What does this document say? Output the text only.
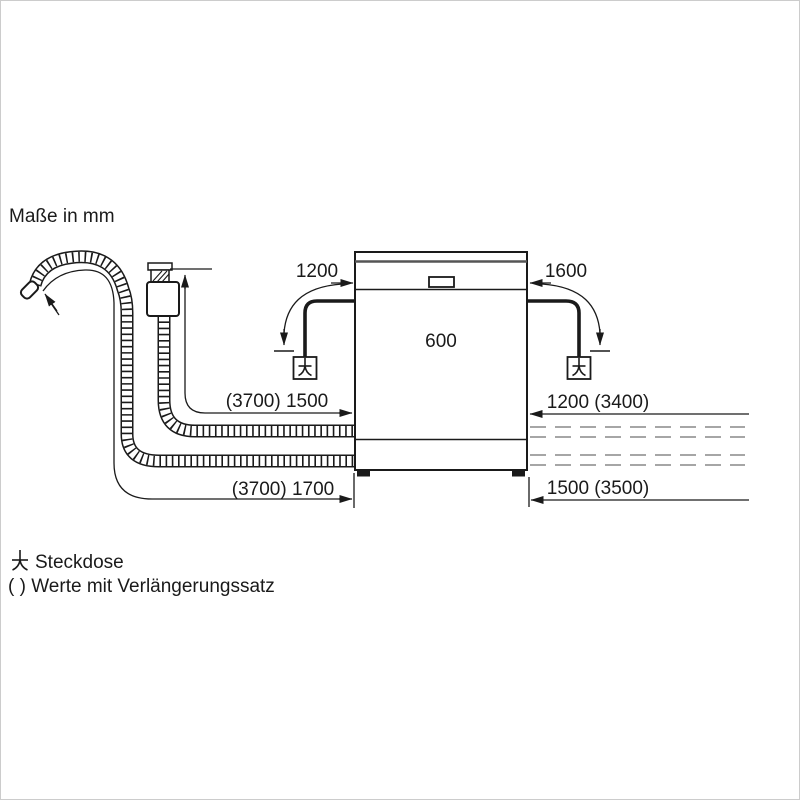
Maße in mm
1200	1600
600
(3700) 1500
(3700) 1700
1200 (3400)
1500 (3500)
Steckdose
( ) Werte mit Verlängerungssatz
